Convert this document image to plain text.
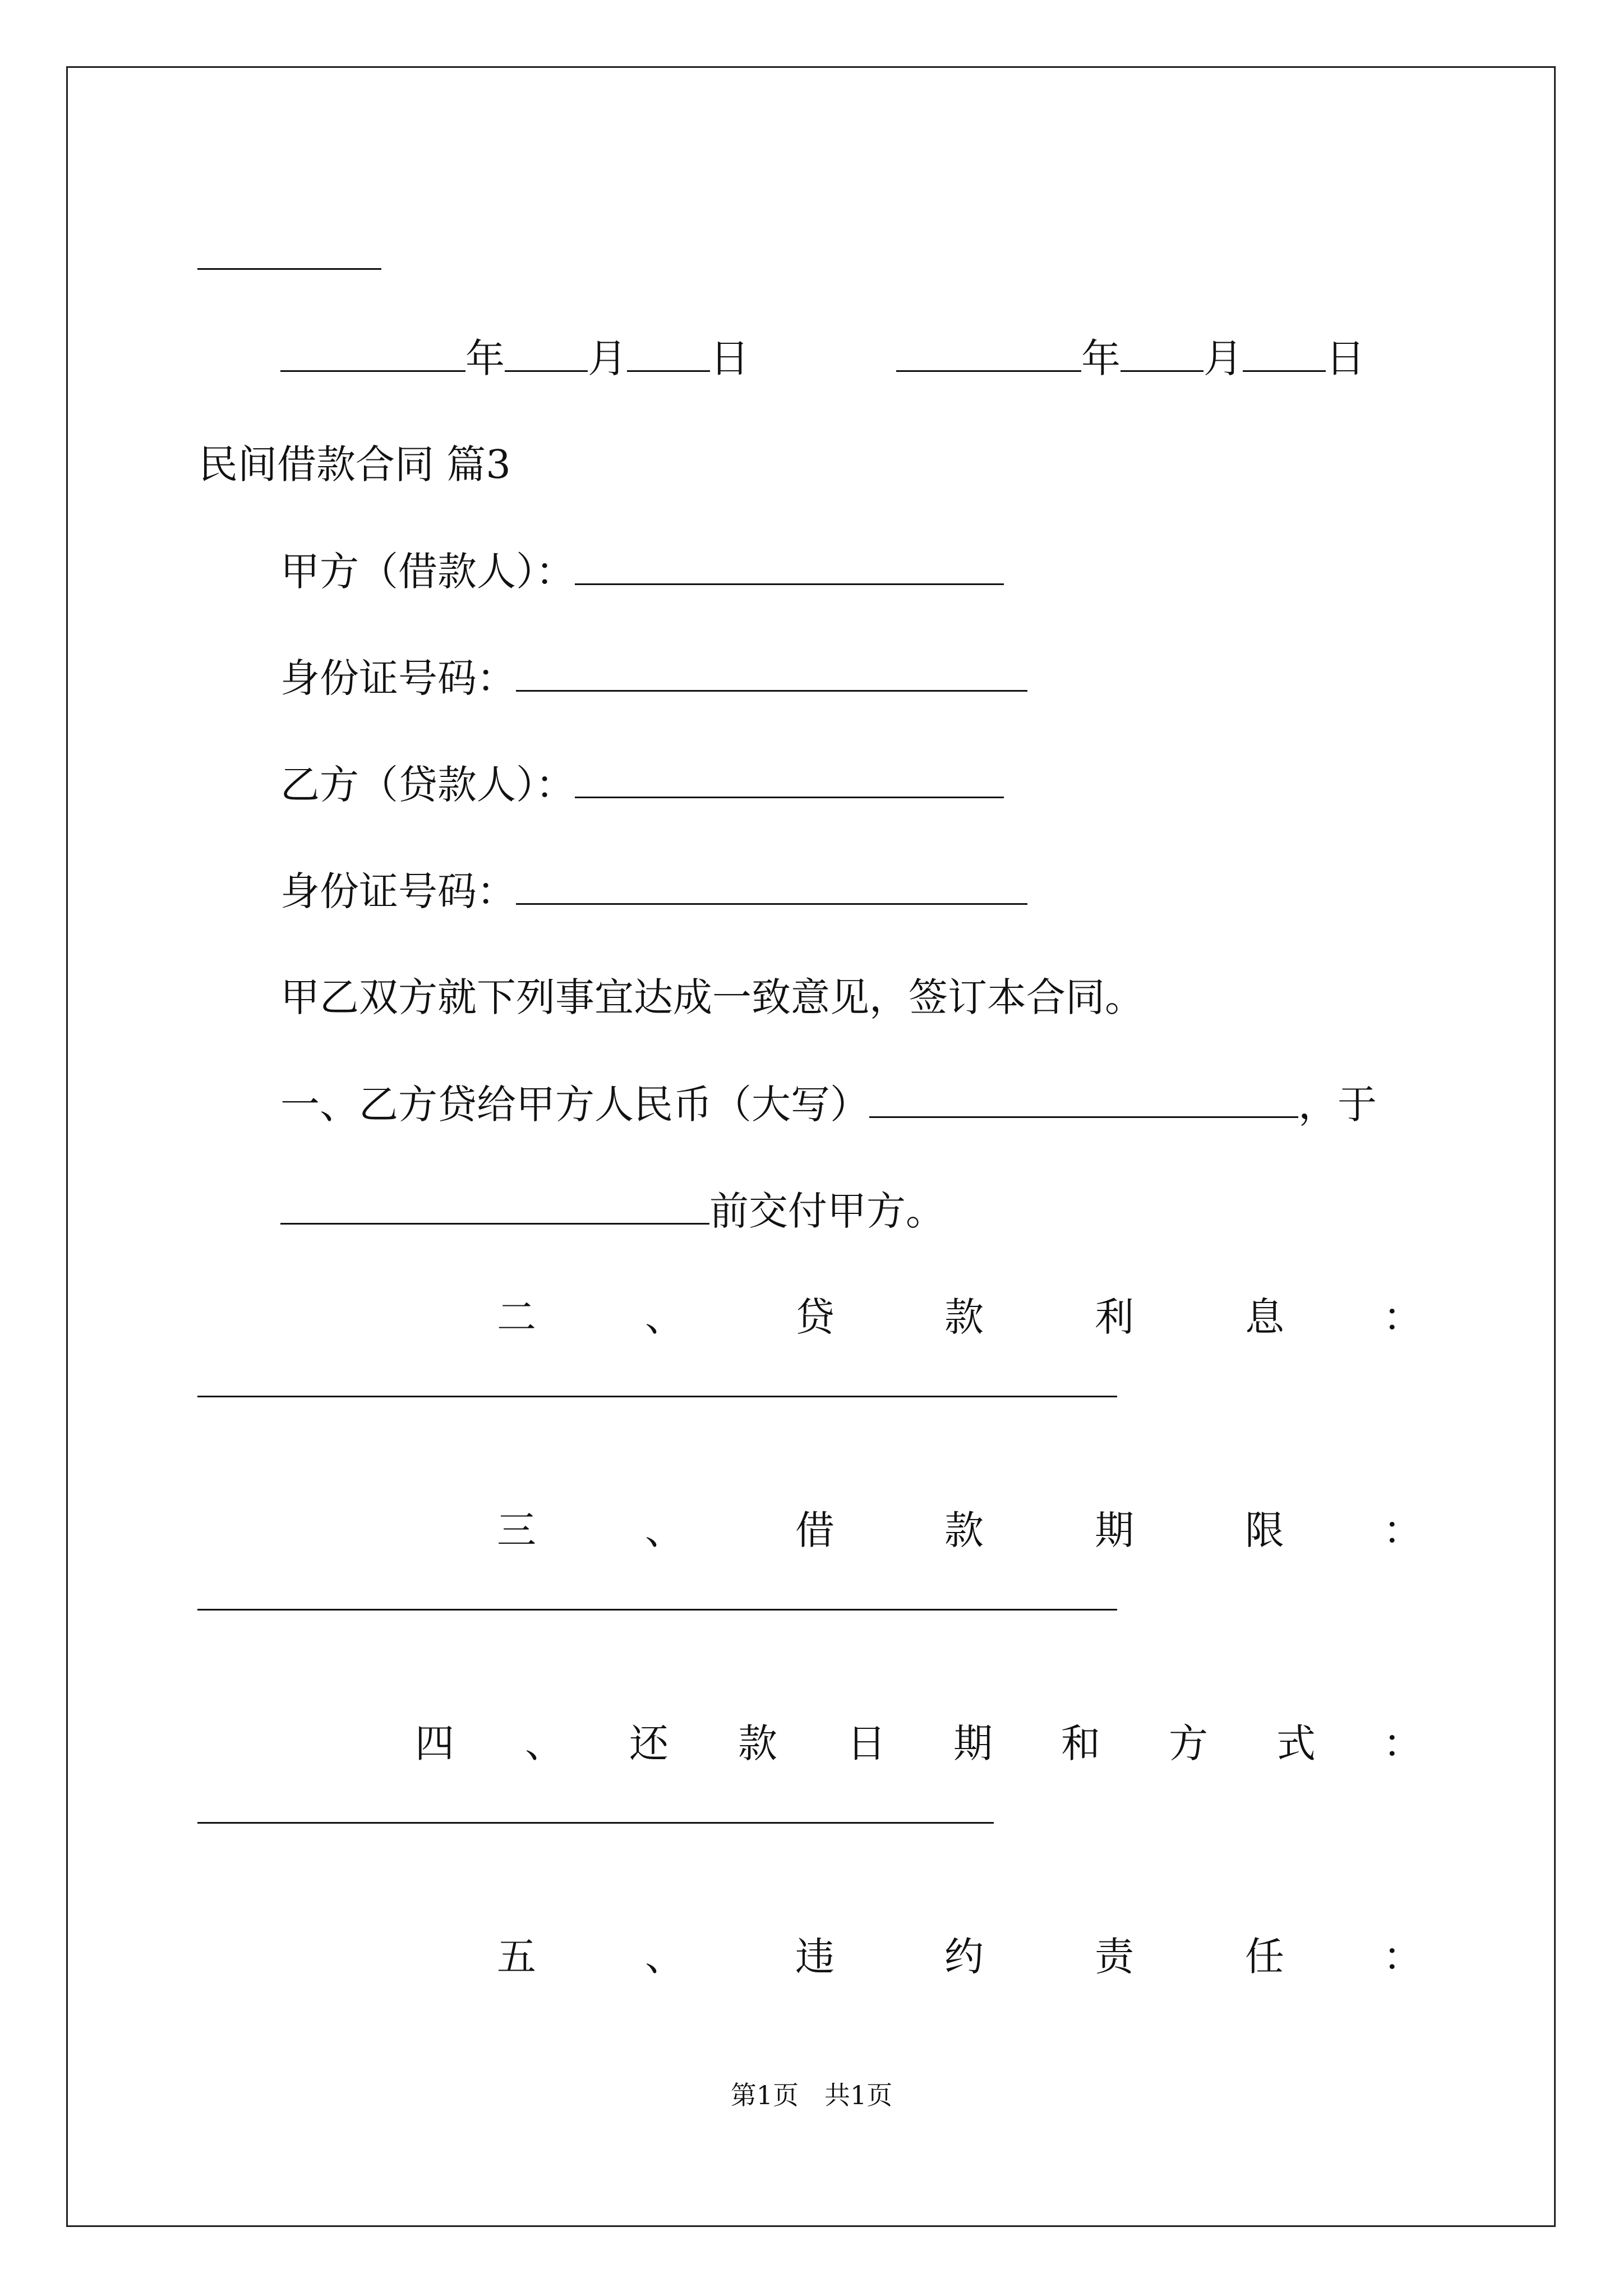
年 月 日	年 月 日
民间借款合同 篇3
甲方（借款人）：
身份证号码：
乙方（贷款人）：
身份证号码：
甲乙双方就下列事宜达成一致意见，签订本合同。
一、乙方贷给甲方人民币（大写）	，于
前交付甲方。
二	、	贷	款	利	息	：
三	、	借	款	期	限	：
四 、 还 款 日 期 和 方 式 ：
五	、	违	约	责	任	：
第1页　共1页
